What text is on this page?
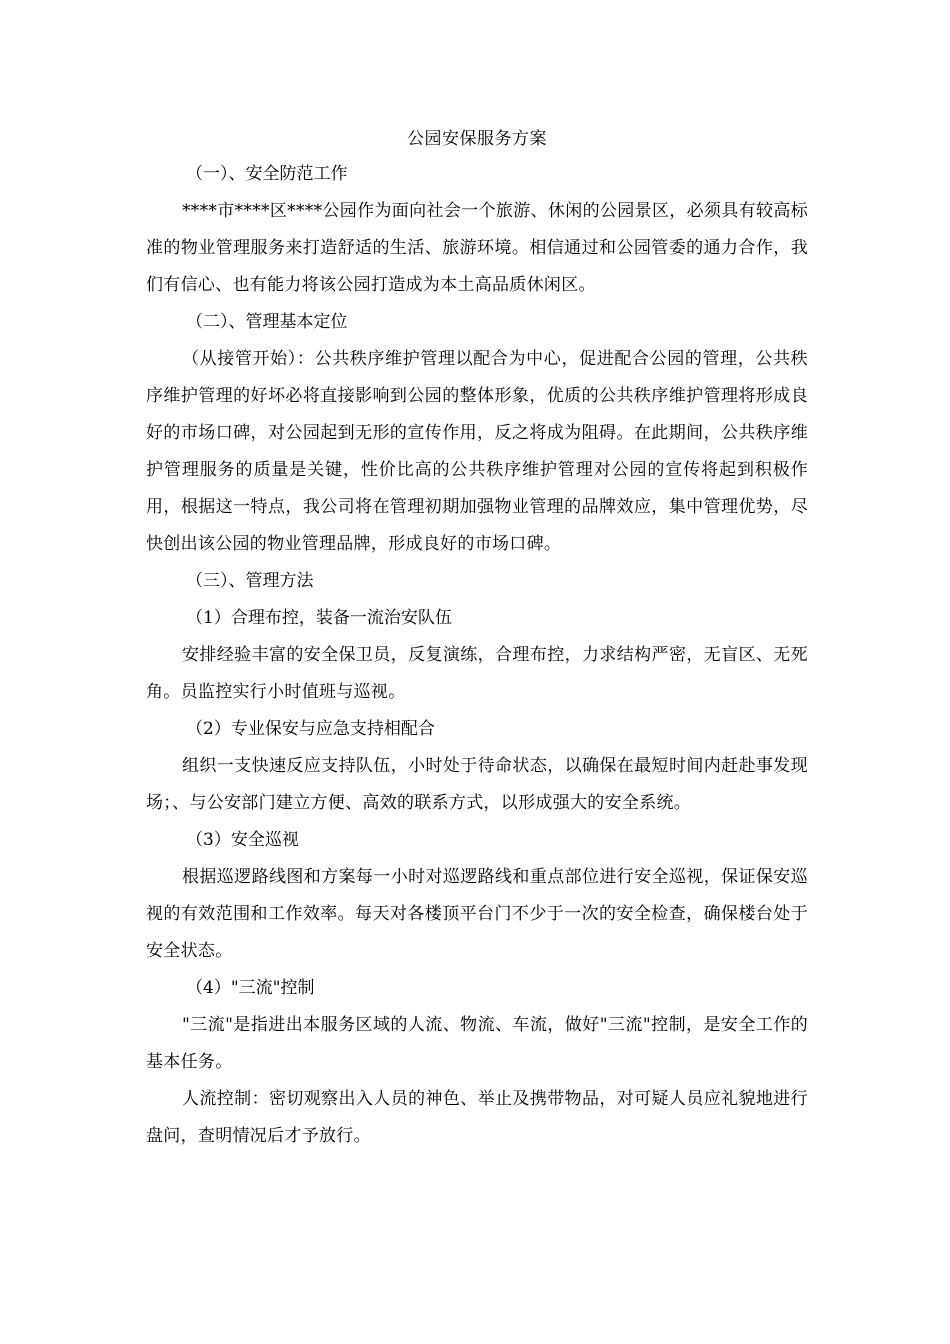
公园安保服务方案

（一）、安全防范工作

****市****区****公园作为面向社会一个旅游、休闲的公园景区，必须具有较高标准的物业管理服务来打造舒适的生活、旅游环境。相信通过和公园管委的通力合作，我们有信心、也有能力将该公园打造成为本土高品质休闲区。

（二）、管理基本定位

（从接管开始）：公共秩序维护管理以配合为中心，促进配合公园的管理，公共秩序维护管理的好坏必将直接影响到公园的整体形象，优质的公共秩序维护管理将形成良好的市场口碑，对公园起到无形的宣传作用，反之将成为阻碍。在此期间，公共秩序维护管理服务的质量是关键，性价比高的公共秩序维护管理对公园的宣传将起到积极作用，根据这一特点，我公司将在管理初期加强物业管理的品牌效应，集中管理优势，尽快创出该公园的物业管理品牌，形成良好的市场口碑。

（三）、管理方法

（1）合理布控，装备一流治安队伍

安排经验丰富的安全保卫员，反复演练，合理布控，力求结构严密，无盲区、无死角。员监控实行小时值班与巡视。

（2）专业保安与应急支持相配合

组织一支快速反应支持队伍，小时处于待命状态，以确保在最短时间内赶赴事发现场；、与公安部门建立方便、高效的联系方式，以形成强大的安全系统。

（3）安全巡视

根据巡逻路线图和方案每一小时对巡逻路线和重点部位进行安全巡视，保证保安巡视的有效范围和工作效率。每天对各楼顶平台门不少于一次的安全检查，确保楼台处于安全状态。

（4）"三流"控制

"三流"是指进出本服务区域的人流、物流、车流，做好"三流"控制，是安全工作的基本任务。

人流控制：密切观察出入人员的神色、举止及携带物品，对可疑人员应礼貌地进行盘问，查明情况后才予放行。
